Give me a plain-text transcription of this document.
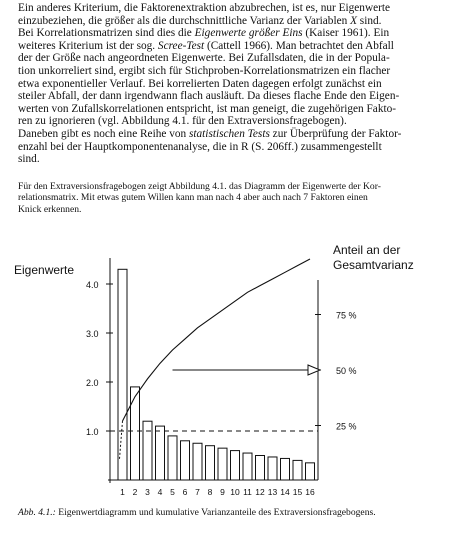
Ein anderes Kriterium, die Faktorenextraktion abzubrechen, ist es, nur Eigenwerte
einzubeziehen, die größer als die durchschnittliche Varianz der Variablen X sind.
Bei Korrelationsmatrizen sind dies die Eigenwerte größer Eins (Kaiser 1961). Ein
weiteres Kriterium ist der sog. Scree-Test (Cattell 1966). Man betrachtet den Abfall
der der Größe nach angeordneten Eigenwerte. Bei Zufallsdaten, die in der Popula-
tion unkorreliert sind, ergibt sich für Stichproben-Korrelationsmatrizen ein flacher
etwa exponentieller Verlauf. Bei korrelierten Daten dagegen erfolgt zunächst ein
steiler Abfall, der dann irgendwann flach ausläuft. Da dieses flache Ende den Eigen-
werten von Zufallskorrelationen entspricht, ist man geneigt, die zugehörigen Fakto-
ren zu ignorieren (vgl. Abbildung 4.1. für den Extraversionsfragebogen).
Daneben gibt es noch eine Reihe von statistischen Tests zur Überprüfung der Faktor-
enzahl bei der Hauptkomponentenanalyse, die in R (S. 206ff.) zusammengestellt
sind.

Für den Extraversionsfragebogen zeigt Abbildung 4.1. das Diagramm der Eigenwerte der Kor-
relationsmatrix. Mit etwas gutem Willen kann man nach 4 aber auch nach 7 Faktoren einen
Knick erkennen.

1 2 3 4 5 6 7 8 9 10 11 12 13 14 15 16
1.0
2.0
3.0
4.0
25 %
50 %
75 %
Eigenwerte
Anteil an der
Gesamtvarianz

Abb. 4.1.: Eigenwertdiagramm und kumulative Varianzanteile des Extraversionsfragebogens.
